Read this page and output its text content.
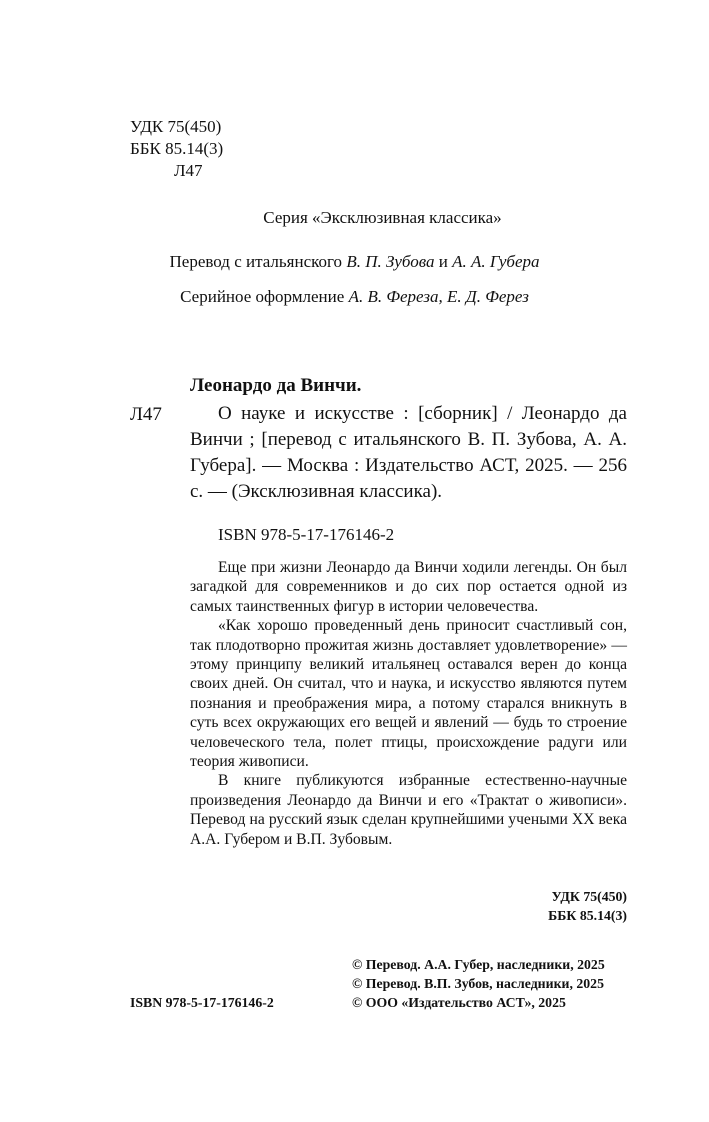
УДК 75(450)
ББК 85.14(3)
Л47
Серия «Эксклюзивная классика»
Перевод с итальянского В. П. Зубова и А. А. Губера
Серийное оформление А. В. Фереза, Е. Д. Ферез
Леонардо да Винчи.
Л47	О науке и искусстве : [сборник] / Леонардо да Винчи ; [перевод с итальянского В. П. Зубова, А. А. Губера]. — Москва : Издательство АСТ, 2025. — 256 с. — (Эксклюзивная классика).
ISBN 978-5-17-176146-2

Еще при жизни Леонардо да Винчи ходили легенды. Он был загадкой для современников и до сих пор остается одной из самых таинственных фигур в истории человечества.

«Как хорошо проведенный день приносит счастливый сон, так плодотворно прожитая жизнь доставляет удовлетворение» — этому принципу великий итальянец оставался верен до конца своих дней. Он считал, что и наука, и искусство являются путем познания и преображения мира, а потому старался вникнуть в суть всех окружающих его вещей и явлений — будь то строение человеческого тела, полет птицы, происхождение радуги или теория живописи.

В книге публикуются избранные естественно-научные произведения Леонардо да Винчи и его «Трактат о живописи». Перевод на русский язык сделан крупнейшими учеными XX века А.А. Губером и В.П. Зубовым.

УДК 75(450)
ББК 85.14(3)
© Перевод. А.А. Губер, наследники, 2025
© Перевод. В.П. Зубов, наследники, 2025
© ООО «Издательство АСТ», 2025
ISBN 978-5-17-176146-2
